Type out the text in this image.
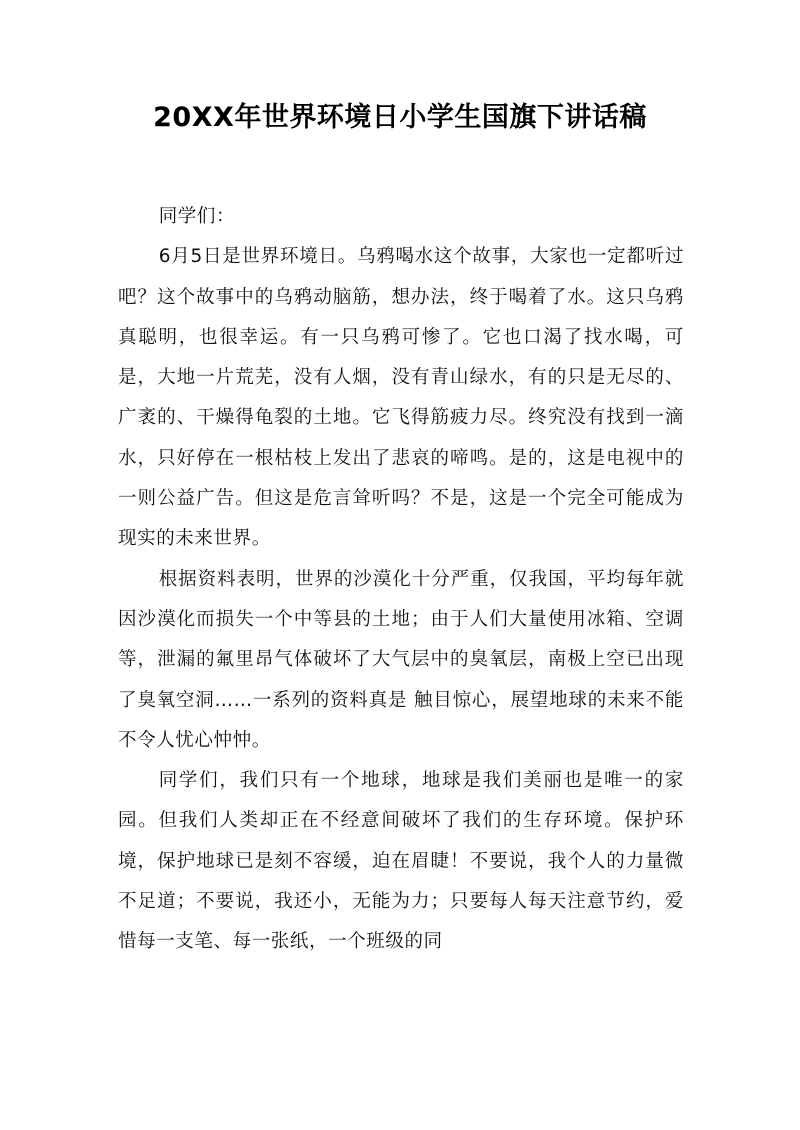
20XX年世界环境日小学生国旗下讲话稿

同学们：

6月5日是世界环境日。乌鸦喝水这个故事，大家也一定都听过吧？这个故事中的乌鸦动脑筋，想办法，终于喝着了水。这只乌鸦真聪明，也很幸运。有一只乌鸦可惨了。它也口渴了找水喝，可是，大地一片荒芜，没有人烟，没有青山绿水，有的只是无尽的、广袤的、干燥得龟裂的土地。它飞得筋疲力尽。终究没有找到一滴水，只好停在一根枯枝上发出了悲哀的啼鸣。是的，这是电视中的一则公益广告。但这是危言耸听吗？不是，这是一个完全可能成为现实的未来世界。

根据资料表明，世界的沙漠化十分严重，仅我国，平均每年就因沙漠化而损失一个中等县的土地；由于人们大量使用冰箱、空调等，泄漏的氟里昂气体破坏了大气层中的臭氧层，南极上空已出现了臭氧空洞……一系列的资料真是 触目惊心，展望地球的未来不能不令人忧心忡忡。

同学们，我们只有一个地球，地球是我们美丽也是唯一的家园。但我们人类却正在不经意间破坏了我们的生存环境。保护环境，保护地球已是刻不容缓，迫在眉睫！不要说，我个人的力量微不足道；不要说，我还小，无能为力；只要每人每天注意节约，爱惜每一支笔、每一张纸，一个班级的同
